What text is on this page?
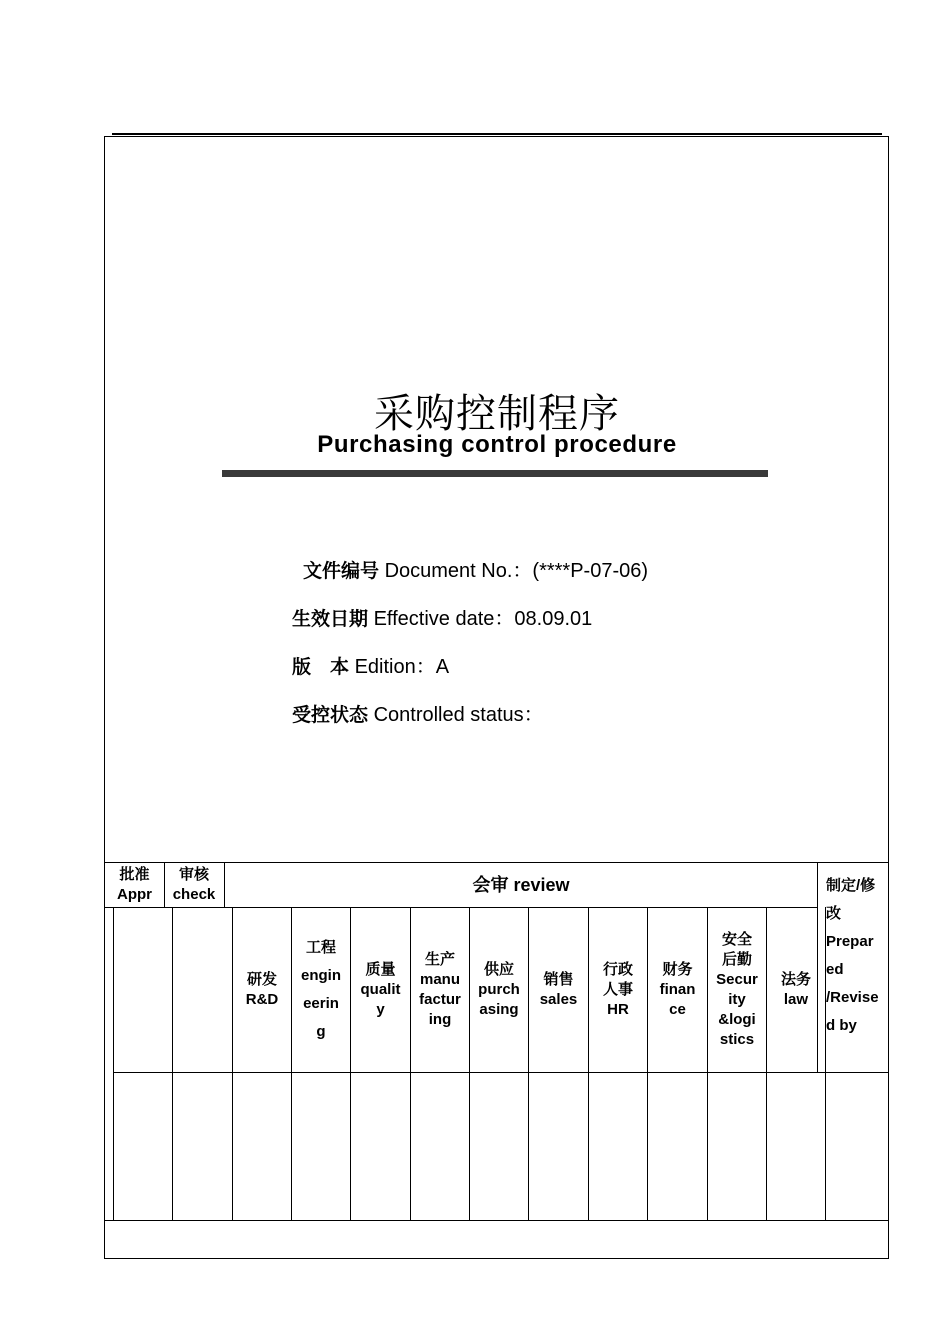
采购控制程序
Purchasing control procedure
文件编号 Document No.：(****P-07-06)
生效日期 Effective date：08.09.01
版　本 Edition：A
受控状态 Controlled status：
批准
Appr
审核
check	会审 review	制定/修
改
Prepar
ed
/Revise
d by
研发
R&D
工程
engin
eerin
g
质量
qualit
y
生产
manu
factur
ing
供应
purch
asing
销售
sales
行政
人事
HR
财务
finan
ce
安全
后勤
Secur
ity
&logi
stics
法务
law
